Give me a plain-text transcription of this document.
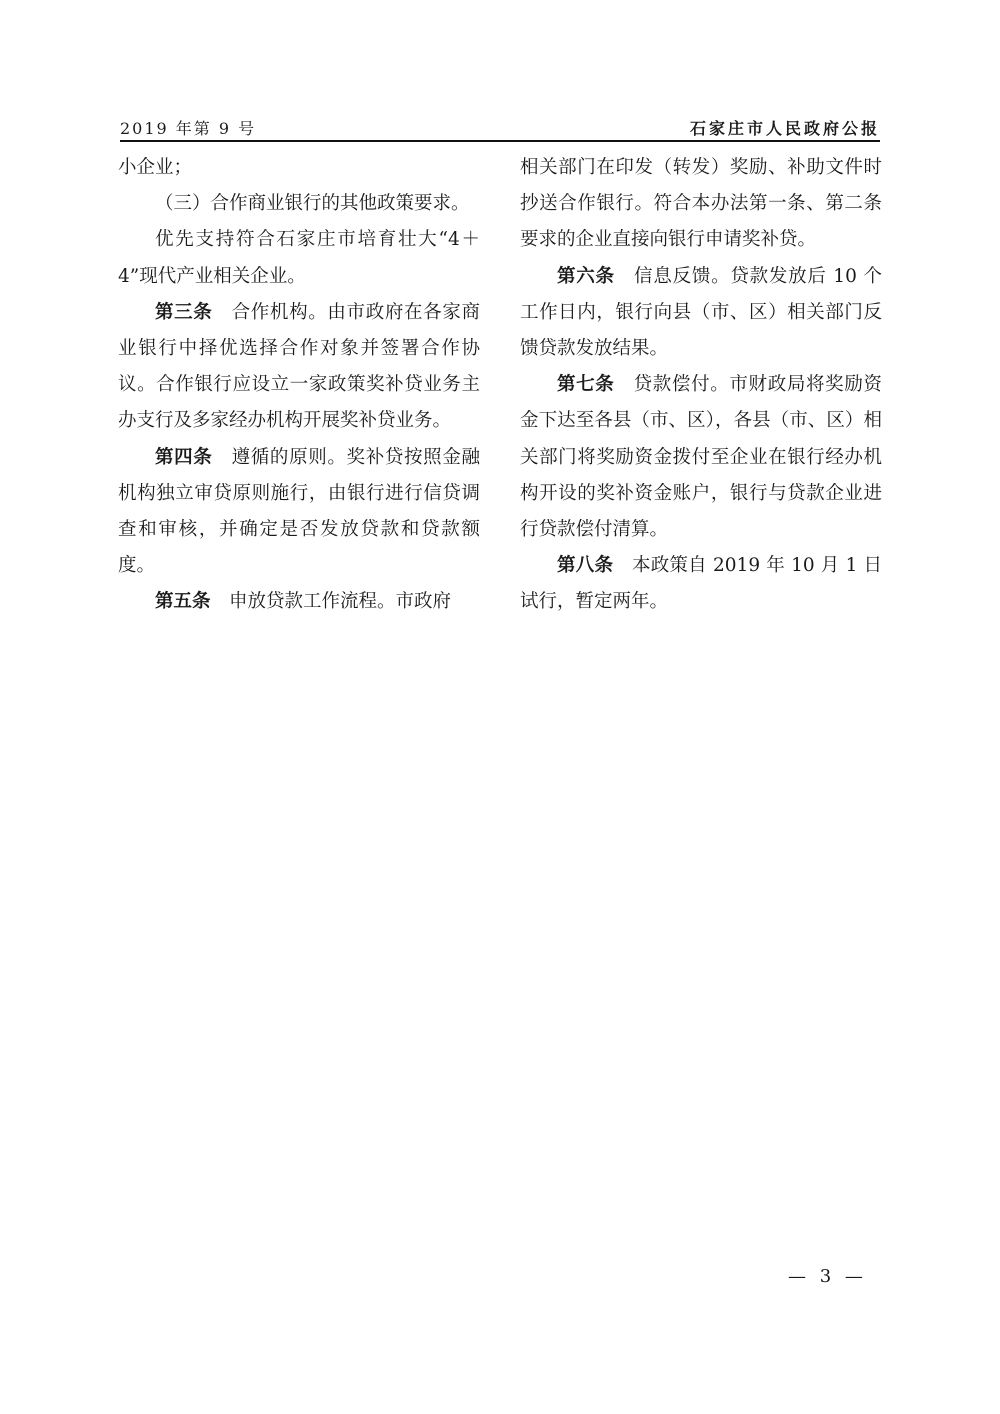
2019 年第 9 号	石家庄市人民政府公报

小企业；

（三）合作商业银行的其他政策要求。

优先支持符合石家庄市培育壮大“4＋4”现代产业相关企业。

第三条 合作机构。由市政府在各家商业银行中择优选择合作对象并签署合作协议。合作银行应设立一家政策奖补贷业务主办支行及多家经办机构开展奖补贷业务。

第四条 遵循的原则。奖补贷按照金融机构独立审贷原则施行，由银行进行信贷调查和审核，并确定是否发放贷款和贷款额度。

第五条 申放贷款工作流程。市政府

相关部门在印发（转发）奖励、补助文件时抄送合作银行。符合本办法第一条、第二条要求的企业直接向银行申请奖补贷。

第六条 信息反馈。贷款发放后 10 个工作日内，银行向县（市、区）相关部门反馈贷款发放结果。

第七条 贷款偿付。市财政局将奖励资金下达至各县（市、区），各县（市、区）相关部门将奖励资金拨付至企业在银行经办机构开设的奖补资金账户，银行与贷款企业进行贷款偿付清算。

第八条 本政策自 2019 年 10 月 1 日试行，暂定两年。

— 3 —
